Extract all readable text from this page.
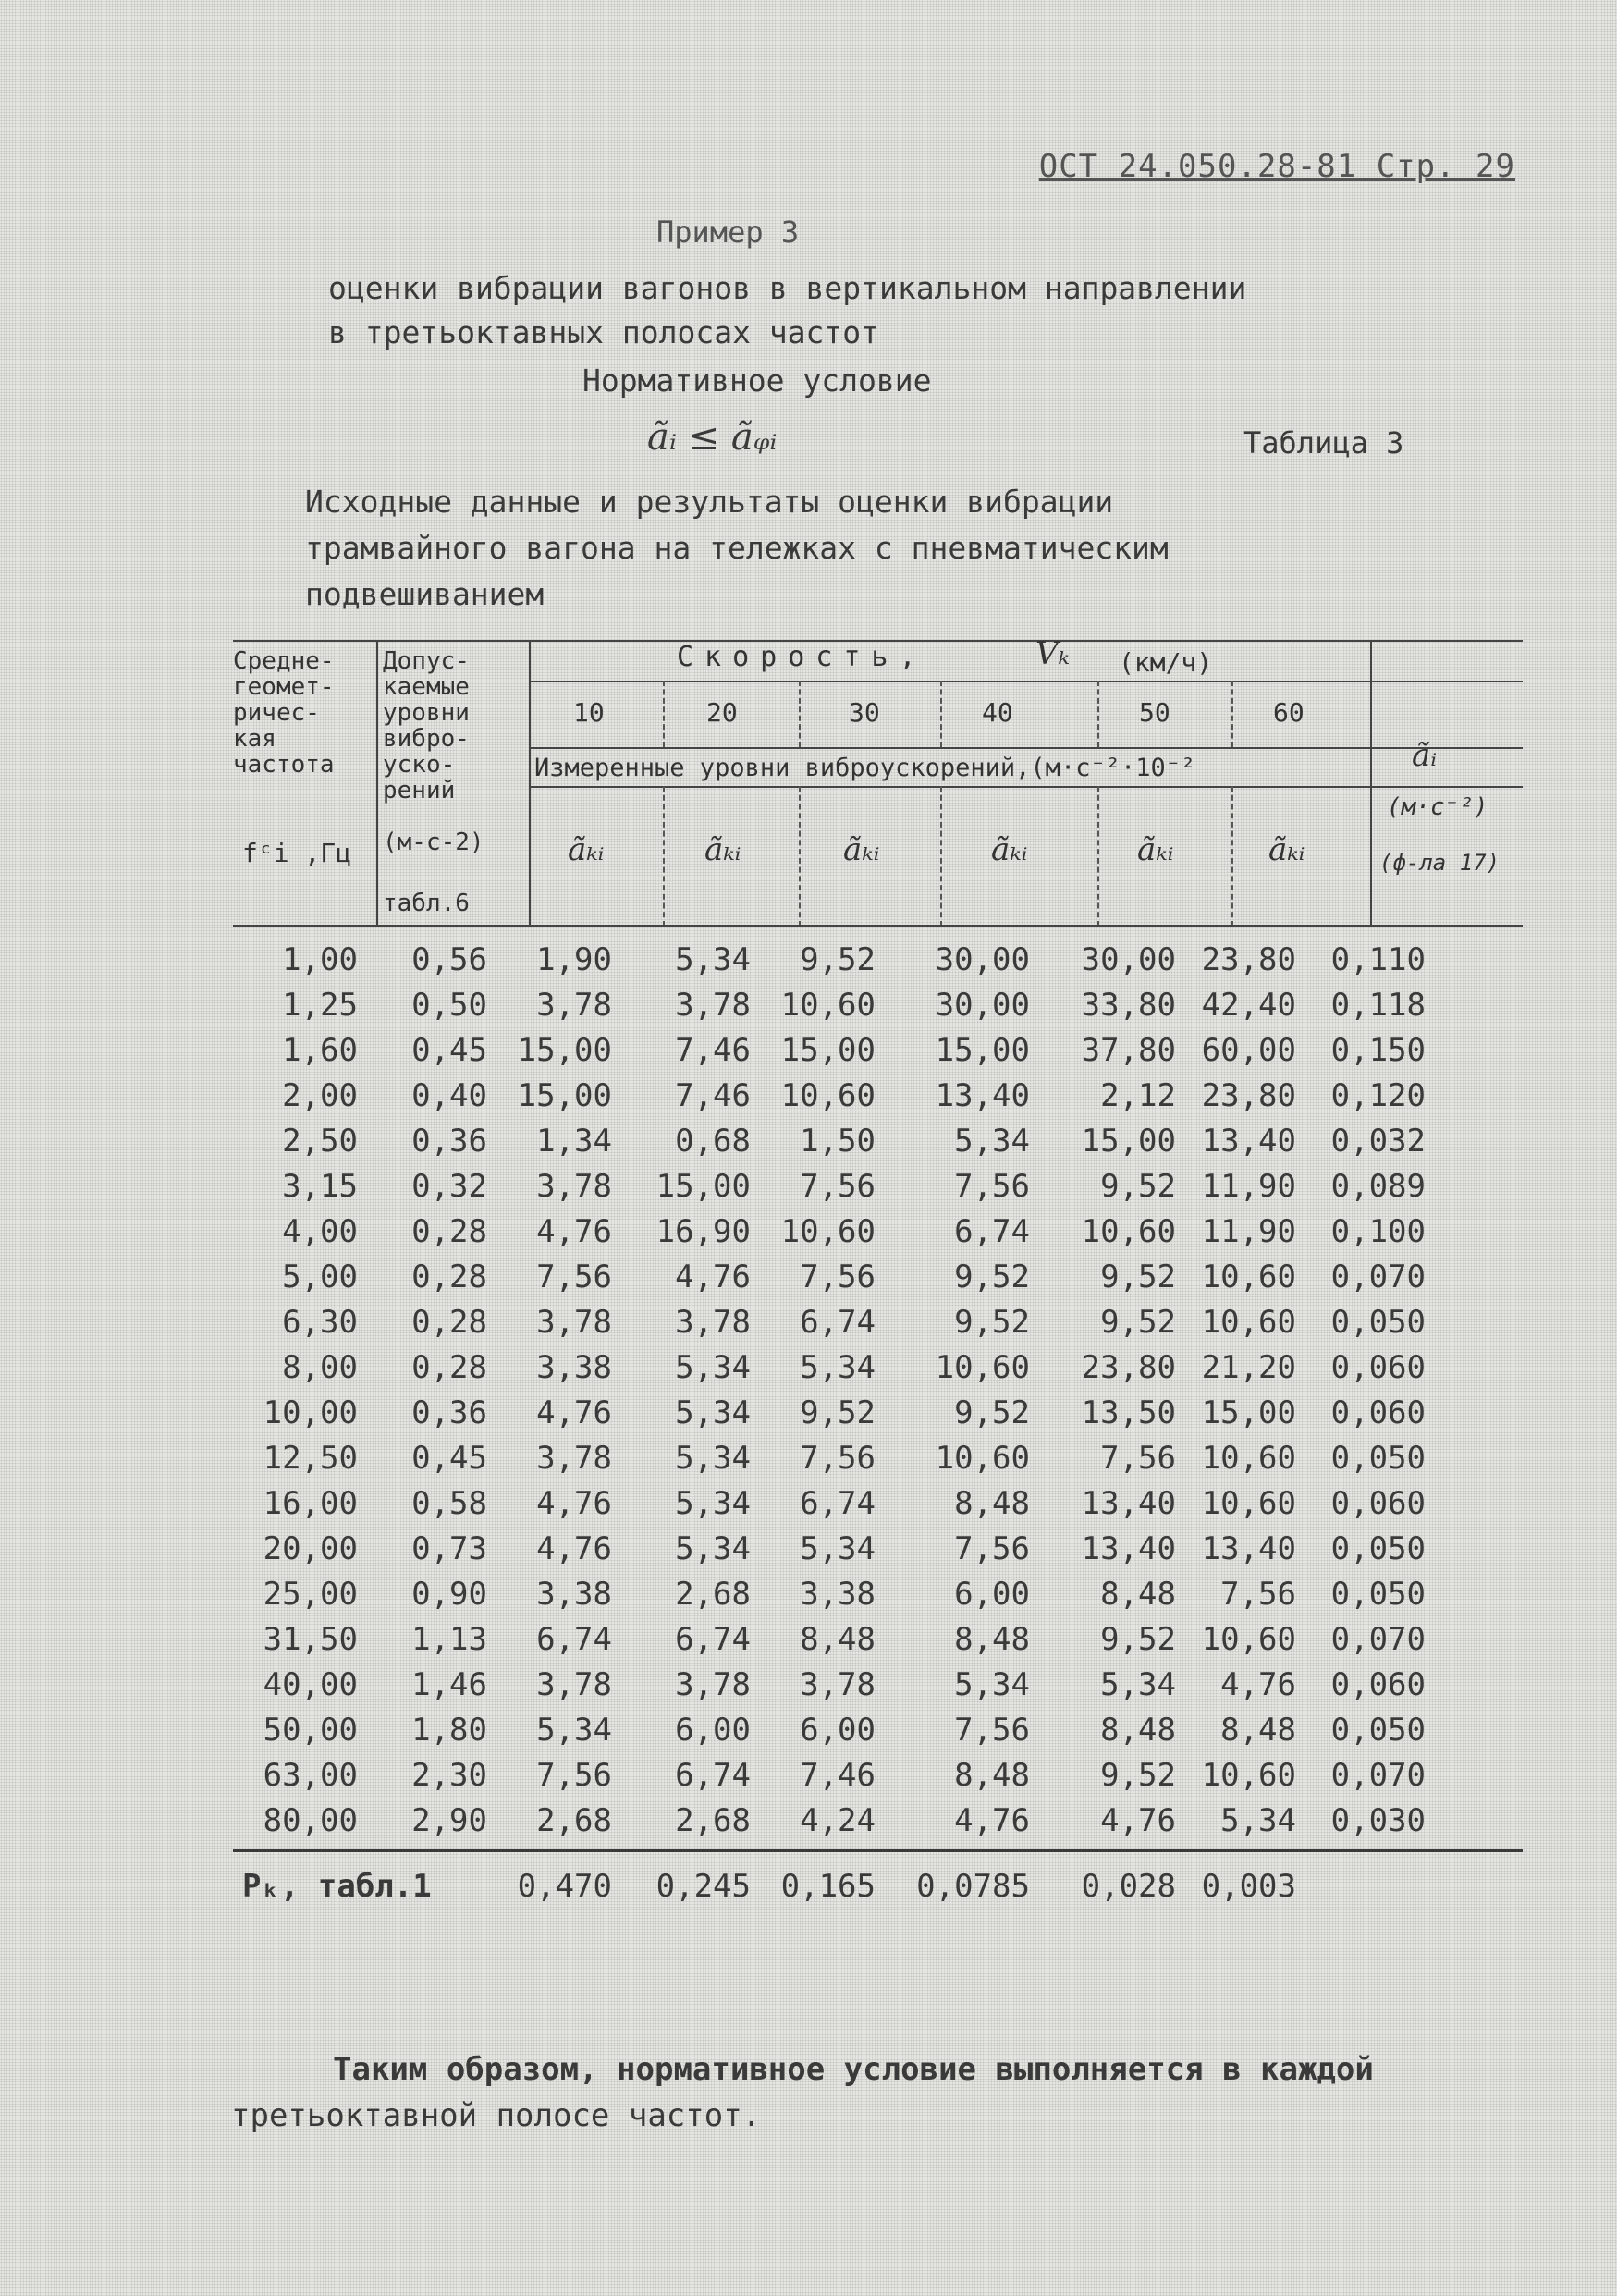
ОСТ 24.050.28-81 Стр. 29
Пример 3
оценки вибрации вагонов в вертикальном направлении
в третьоктавных полосах частот
Нормативное условие
ãᵢ ≤ ãᵩᵢ	Таблица 3
Исходные данные и результаты оценки вибрации
трамвайного вагона на тележках с пневматическим
подвешиванием
Средне-
геомет-
ричес-
кая
частота
fᶜi ,Гц
Допус-
каемые
уровни
вибро-
уско-
рений
(м-с-2)
табл.6
Скорость,	Vₖ (км/ч)
10	20	30	40	50	60
Измеренные уровни виброускорений,(м·с⁻²·10⁻²
ãₖᵢ	ãₖᵢ	ãₖᵢ	ãₖᵢ	ãₖᵢ	ãₖᵢ
ãᵢ
(м·с⁻²)
(ф-ла 17)
1,00	0,56	1,90	5,34	9,52	30,00	30,00 23,80	0,110
1,25	0,50	3,78	3,78 10,60	30,00	33,80 42,40	0,118
1,60	0,45 15,00	7,46 15,00	15,00	37,80 60,00	0,150
2,00	0,40 15,00	7,46 10,60	13,40	2,12 23,80	0,120
2,50	0,36	1,34	0,68	1,50	5,34	15,00 13,40	0,032
3,15	0,32	3,78	15,00	7,56	7,56	9,52 11,90	0,089
4,00	0,28	4,76	16,90 10,60	6,74	10,60 11,90	0,100
5,00	0,28	7,56	4,76	7,56	9,52	9,52 10,60	0,070
6,30	0,28	3,78	3,78	6,74	9,52	9,52 10,60	0,050
8,00	0,28	3,38	5,34	5,34	10,60	23,80 21,20	0,060
10,00	0,36	4,76	5,34	9,52	9,52	13,50 15,00	0,060
12,50	0,45	3,78	5,34	7,56	10,60	7,56 10,60	0,050
16,00	0,58	4,76	5,34	6,74	8,48	13,40 10,60	0,060
20,00	0,73	4,76	5,34	5,34	7,56	13,40 13,40	0,050
25,00	0,90	3,38	2,68	3,38	6,00	8,48	7,56	0,050
31,50	1,13	6,74	6,74	8,48	8,48	9,52 10,60	0,070
40,00	1,46	3,78	3,78	3,78	5,34	5,34	4,76	0,060
50,00	1,80	5,34	6,00	6,00	7,56	8,48	8,48	0,050
63,00	2,30	7,56	6,74	7,46	8,48	9,52 10,60	0,070
80,00	2,90	2,68	2,68	4,24	4,76	4,76	5,34	0,030
Pₖ, табл.1	0,470	0,245 0,165 0,0785	0,028 0,003
Таким образом, нормативное условие выполняется в каждой
третьоктавной полосе частот.
